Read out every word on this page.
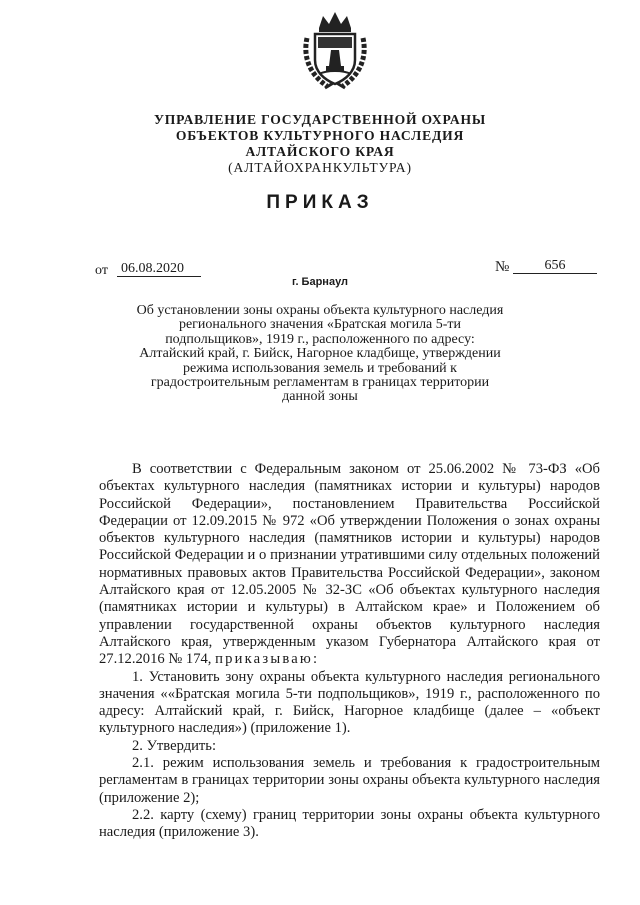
УПРАВЛЕНИЕ ГОСУДАРСТВЕННОЙ ОХРАНЫ
ОБЪЕКТОВ КУЛЬТУРНОГО НАСЛЕДИЯ
АЛТАЙСКОГО КРАЯ
(АЛТАЙОХРАНКУЛЬТУРА)
ПРИКАЗ
от 06.08.2020	№	656
г. Барнаул
Об установлении зоны охраны объекта культурного наследия
регионального значения «Братская могила 5-ти
подпольщиков», 1919 г., расположенного по адресу:
Алтайский край, г. Бийск, Нагорное кладбище, утверждении
режима использования земель и требований к
градостроительным регламентам в границах территории
данной зоны

В соответствии с Федеральным законом от 25.06.2002 № 73-ФЗ «Об объектах культурного наследия (памятниках истории и культуры) народов Российской Федерации», постановлением Правительства Российской Федерации от 12.09.2015 № 972 «Об утверждении Положения о зонах охраны объектов культурного наследия (памятников истории и культуры) народов Российской Федерации и о признании утратившими силу отдельных положений нормативных правовых актов Правительства Российской Федерации», законом Алтайского края от 12.05.2005 № 32-ЗС «Об объектах культурного наследия (памятниках истории и культуры) в Алтайском крае» и Положением об управлении государственной охраны объектов культурного наследия Алтайского края, утвержденным указом Губернатора Алтайского края от 27.12.2016 № 174, приказываю:

1. Установить зону охраны объекта культурного наследия регионального значения ««Братская могила 5-ти подпольщиков», 1919 г., расположенного по адресу: Алтайский край, г. Бийск, Нагорное кладбище (далее – «объект культурного наследия») (приложение 1).

2. Утвердить:

2.1. режим использования земель и требования к градостроительным регламентам в границах территории зоны охраны объекта культурного наследия (приложение 2);

2.2. карту (схему) границ территории зоны охраны объекта культурного наследия (приложение 3).
